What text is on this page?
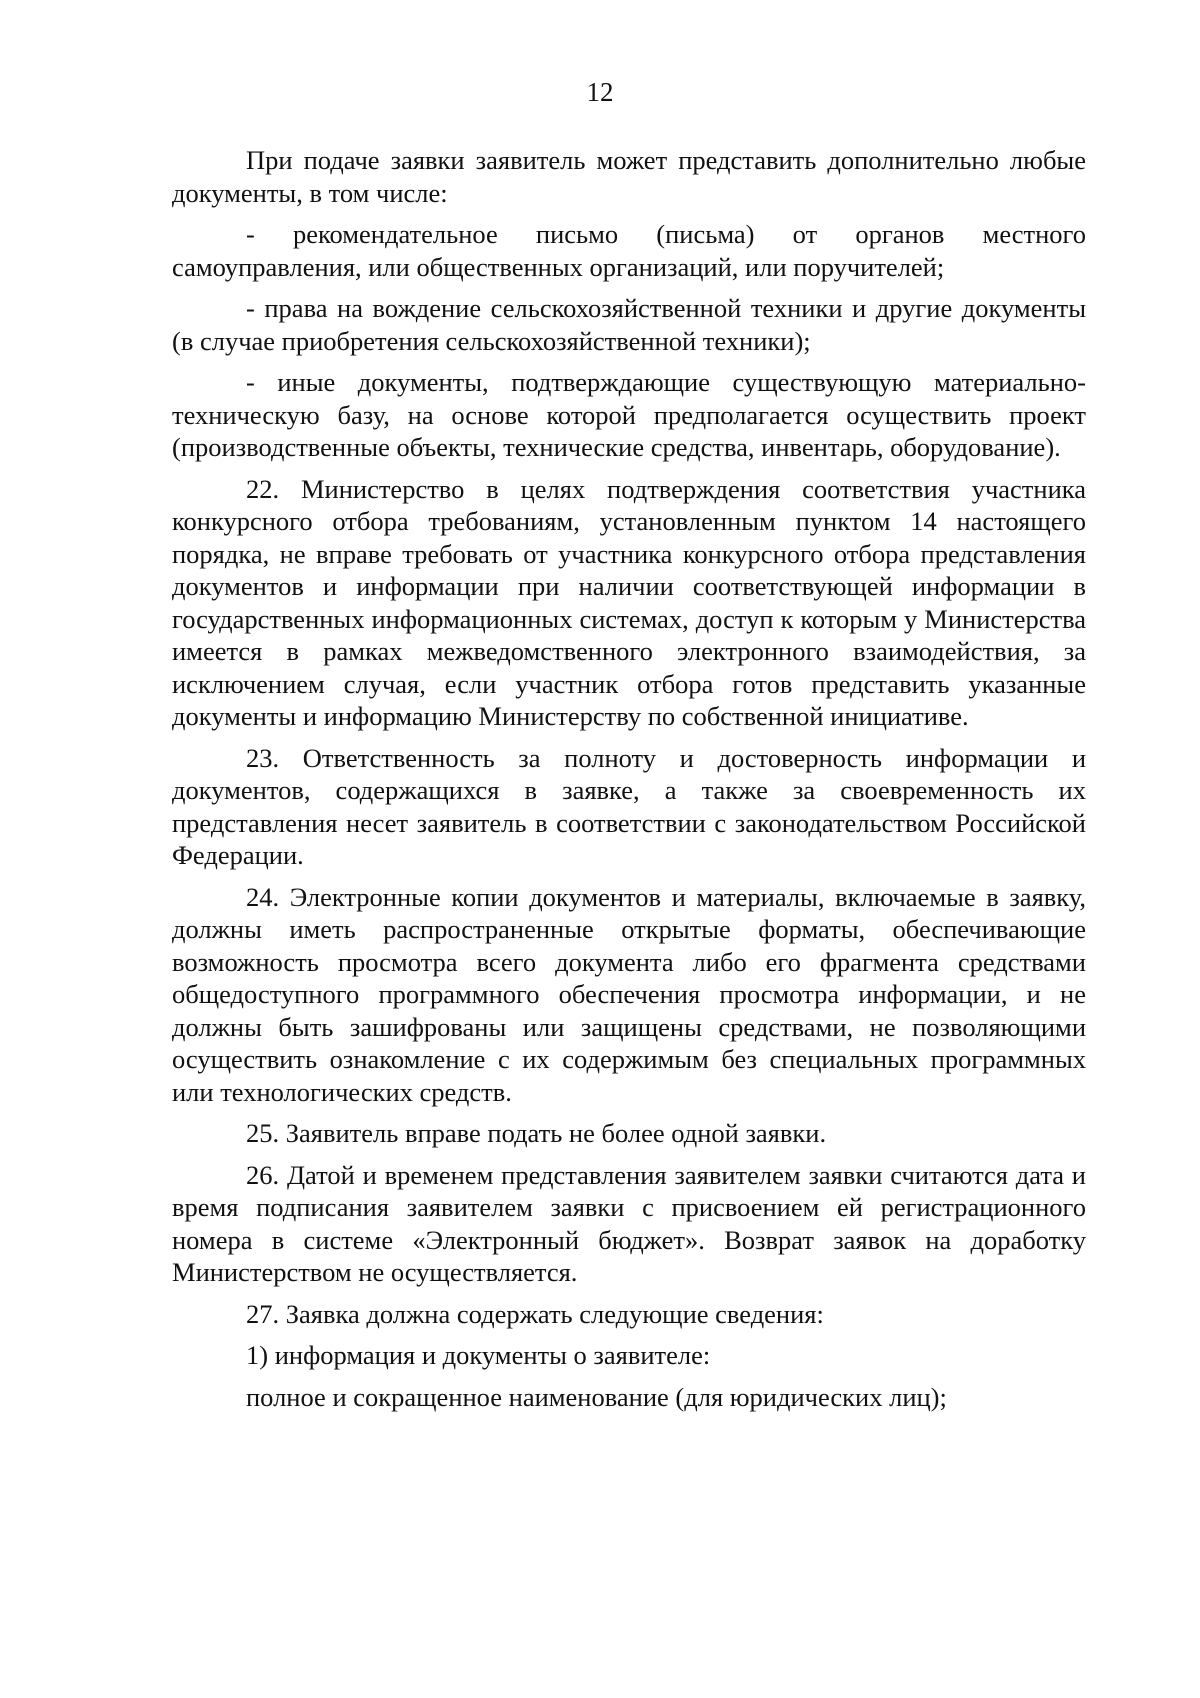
12

При подаче заявки заявитель может представить дополнительно любые документы, в том числе:

- рекомендательное письмо (письма) от органов местного самоуправления, или общественных организаций, или поручителей;

- права на вождение сельскохозяйственной техники и другие документы (в случае приобретения сельскохозяйственной техники);

- иные документы, подтверждающие существующую материально-техническую базу, на основе которой предполагается осуществить проект (производственные объекты, технические средства, инвентарь, оборудование).

22. Министерство в целях подтверждения соответствия участника конкурсного отбора требованиям, установленным пунктом 14 настоящего порядка, не вправе требовать от участника конкурсного отбора представления документов и информации при наличии соответствующей информации в государственных информационных системах, доступ к которым у Министерства имеется в рамках межведомственного электронного взаимодействия, за исключением случая, если участник отбора готов представить указанные документы и информацию Министерству по собственной инициативе.

23. Ответственность за полноту и достоверность информации и документов, содержащихся в заявке, а также за своевременность их представления несет заявитель в соответствии с законодательством Российской Федерации.

24. Электронные копии документов и материалы, включаемые в заявку, должны иметь распространенные открытые форматы, обеспечивающие возможность просмотра всего документа либо его фрагмента средствами общедоступного программного обеспечения просмотра информации, и не должны быть зашифрованы или защищены средствами, не позволяющими осуществить ознакомление с их содержимым без специальных программных или технологических средств.

25. Заявитель вправе подать не более одной заявки.

26. Датой и временем представления заявителем заявки считаются дата и время подписания заявителем заявки с присвоением ей регистрационного номера в системе «Электронный бюджет». Возврат заявок на доработку Министерством не осуществляется.

27. Заявка должна содержать следующие сведения:

1) информация и документы о заявителе:

полное и сокращенное наименование (для юридических лиц);
